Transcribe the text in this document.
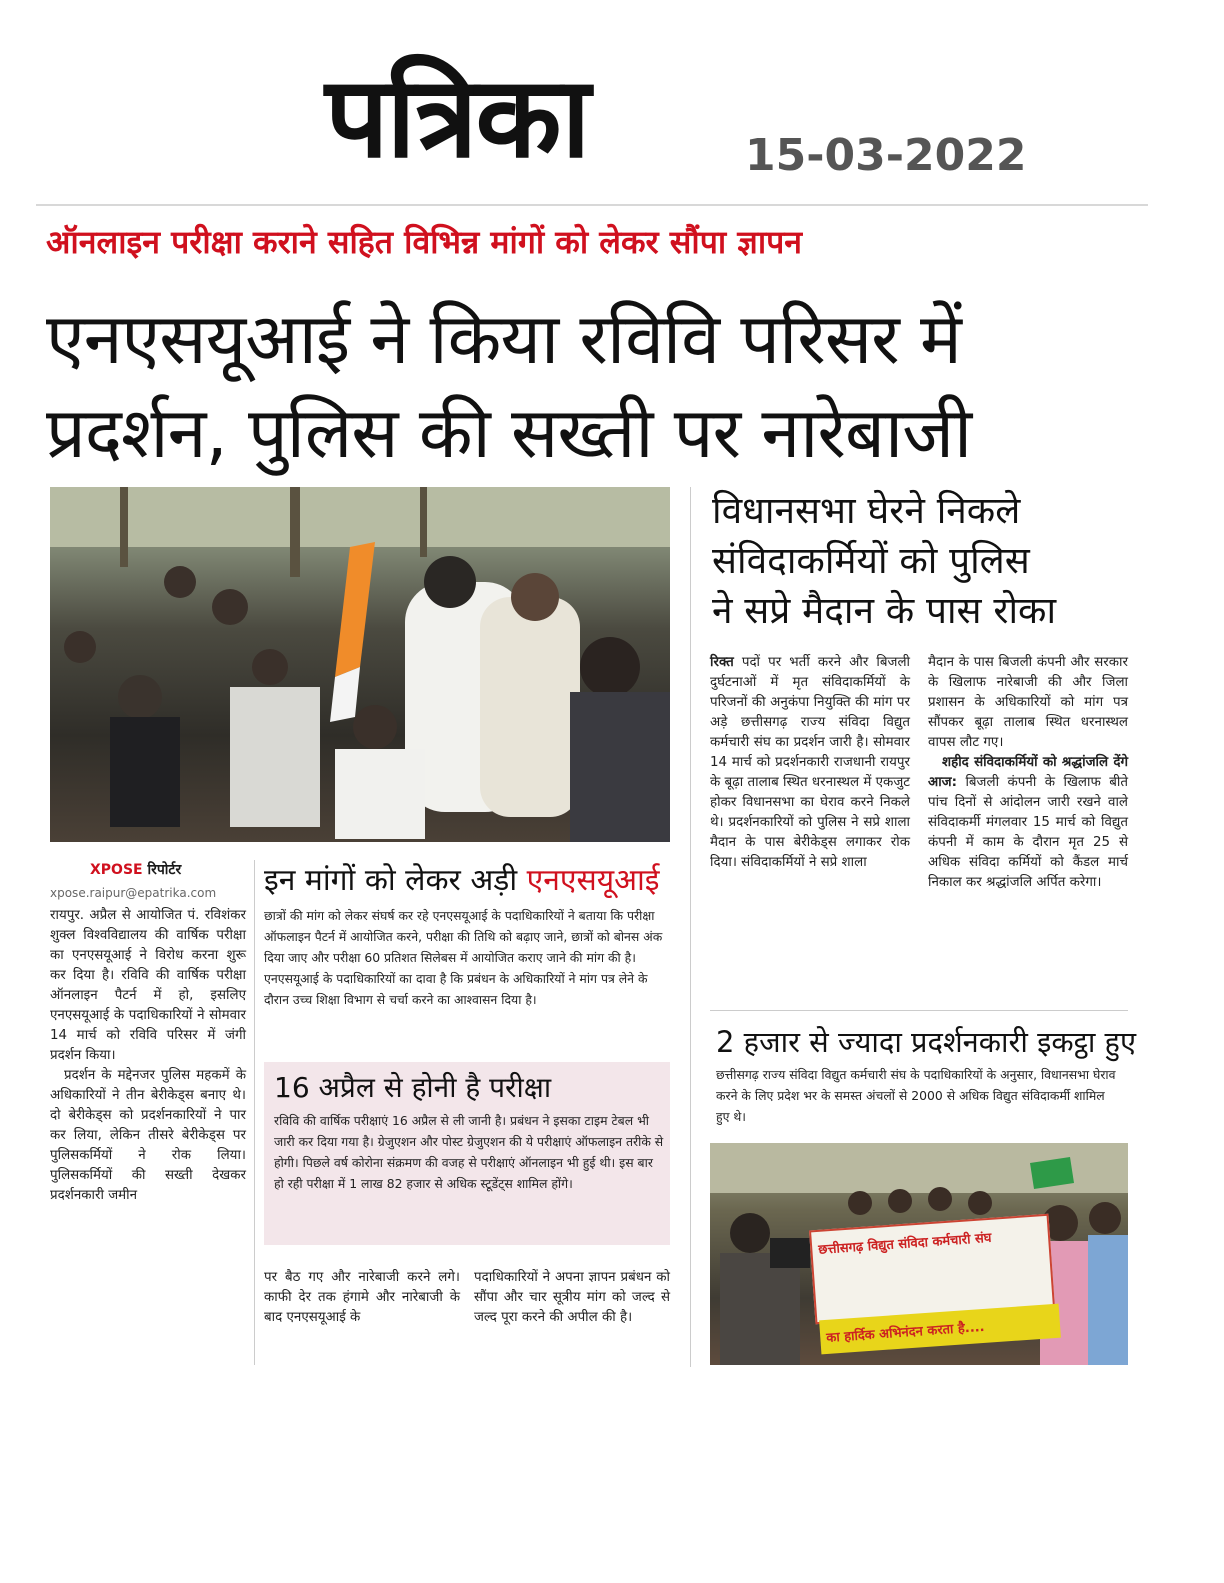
पत्रिका	15-03-2022
ऑनलाइन परीक्षा कराने सहित विभिन्न मांगों को लेकर सौंपा ज्ञापन
एनएसयूआई ने किया रविवि परिसर में
प्रदर्शन, पुलिस की सख्ती पर नारेबाजी
XPOSE रिपोर्टर
xpose.raipur@epatrika.com

रायपुर. अप्रैल से आयोजित पं. रविशंकर शुक्ल विश्वविद्यालय की वार्षिक परीक्षा का एनएसयूआई ने विरोध करना शुरू कर दिया है। रविवि की वार्षिक परीक्षा ऑनलाइन पैटर्न में हो, इसलिए एनएसयूआई के पदाधिकारियों ने सोमवार 14 मार्च को रविवि परिसर में जंगी प्रदर्शन किया।

प्रदर्शन के मद्देनजर पुलिस महकमें के अधिकारियों ने तीन बेरीकेड्स बनाए थे। दो बेरीकेड्स को प्रदर्शनकारियों ने पार कर लिया, लेकिन तीसरे बेरीकेड्स पर पुलिसकर्मियों ने रोक लिया। पुलिसकर्मियों की सख्ती देखकर प्रदर्शनकारी जमीन

इन मांगों को लेकर अड़ी एनएसयूआई
छात्रों की मांग को लेकर संघर्ष कर रहे एनएसयूआई के पदाधिकारियों ने बताया कि परीक्षा ऑफलाइन पैटर्न में आयोजित करने, परीक्षा की तिथि को बढ़ाए जाने, छात्रों को बोनस अंक दिया जाए और परीक्षा 60 प्रतिशत सिलेबस में आयोजित कराए जाने की मांग की है। एनएसयूआई के पदाधिकारियों का दावा है कि प्रबंधन के अधिकारियों ने मांग पत्र लेने के दौरान उच्च शिक्षा विभाग से चर्चा करने का आश्वासन दिया है।
16 अप्रैल से होनी है परीक्षा
रविवि की वार्षिक परीक्षाएं 16 अप्रैल से ली जानी है। प्रबंधन ने इसका टाइम टेबल भी जारी कर दिया गया है। ग्रेजुएशन और पोस्ट ग्रेजुएशन की ये परीक्षाएं ऑफलाइन तरीके से होगी। पिछले वर्ष कोरोना संक्रमण की वजह से परीक्षाएं ऑनलाइन भी हुई थी। इस बार हो रही परीक्षा में 1 लाख 82 हजार से अधिक स्टूडेंट्स शामिल होंगे।
पर बैठ गए और नारेबाजी करने लगे। काफी देर तक हंगामे और नारेबाजी के बाद एनएसयूआई के
पदाधिकारियों ने अपना ज्ञापन प्रबंधन को सौंपा और चार सूत्रीय मांग को जल्द से जल्द पूरा करने की अपील की है।
विधानसभा घेरने निकले
संविदाकर्मियों को पुलिस
ने सप्रे मैदान के पास रोका
रिक्त पदों पर भर्ती करने और बिजली दुर्घटनाओं में मृत संविदाकर्मियों के परिजनों की अनुकंपा नियुक्ति की मांग पर अड़े छत्तीसगढ़ राज्य संविदा विद्युत कर्मचारी संघ का प्रदर्शन जारी है। सोमवार 14 मार्च को प्रदर्शनकारी राजधानी रायपुर के बूढ़ा तालाब स्थित धरनास्थल में एकजुट होकर विधानसभा का घेराव करने निकले थे। प्रदर्शनकारियों को पुलिस ने सप्रे शाला मैदान के पास बेरीकेड्स लगाकर रोक दिया। संविदाकर्मियों ने सप्रे शाला

मैदान के पास बिजली कंपनी और सरकार के खिलाफ नारेबाजी की और जिला प्रशासन के अधिकारियों को मांग पत्र सौंपकर बूढ़ा तालाब स्थित धरनास्थल वापस लौट गए।

शहीद संविदाकर्मियों को श्रद्धांजलि देंगे आज: बिजली कंपनी के खिलाफ बीते पांच दिनों से आंदोलन जारी रखने वाले संविदाकर्मी मंगलवार 15 मार्च को विद्युत कंपनी में काम के दौरान मृत 25 से अधिक संविदा कर्मियों को कैंडल मार्च निकाल कर श्रद्धांजलि अर्पित करेगा।

2 हजार से ज्यादा प्रदर्शनकारी इकट्ठा हुए
छत्तीसगढ़ राज्य संविदा विद्युत कर्मचारी संघ के पदाधिकारियों के अनुसार, विधानसभा घेराव करने के लिए प्रदेश भर के समस्त अंचलों से 2000 से अधिक विद्युत संविदाकर्मी शामिल हुए थे।
छत्तीसगढ़ विद्युत संविदा कर्मचारी संघ
का हार्दिक अभिनंदन करता है....
